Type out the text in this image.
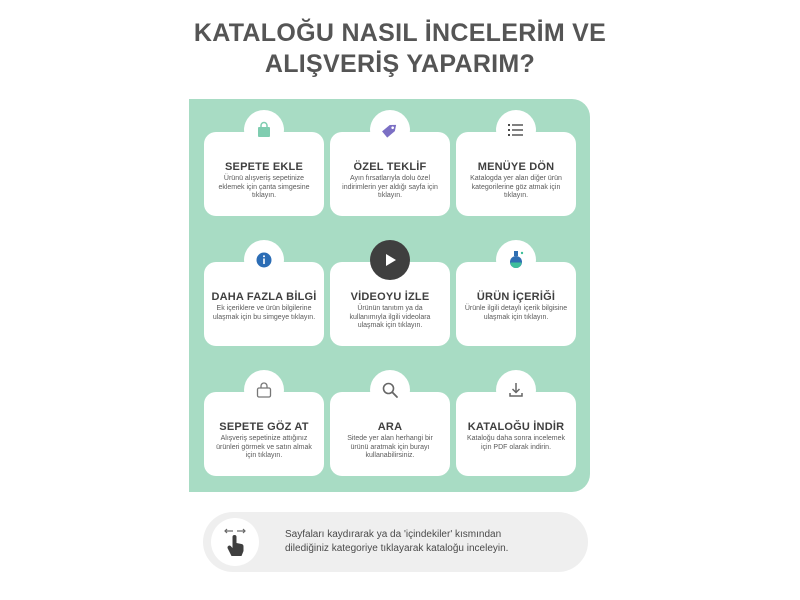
KATALOĞU NASIL İNCELERİM VE
ALIŞVERİŞ YAPARIM?
SEPETE EKLE
Ürünü alışveriş sepetinize eklemek için çanta simgesine tıklayın.
ÖZEL TEKLİF
Ayın fırsatlarıyla dolu özel indirimlerin yer aldığı sayfa için tıklayın.
MENÜYE DÖN
Katalogda yer alan diğer ürün kategorilerine göz atmak için tıklayın.
DAHA FAZLA BİLGİ
Ek içeriklere ve ürün bilgilerine ulaşmak için bu simgeye tıklayın.
VİDEOYU İZLE
Ürünün tanıtım ya da kullanımıyla ilgili videolara ulaşmak için tıklayın.
ÜRÜN İÇERİĞİ
Ürünle ilgili detaylı içerik bilgisine ulaşmak için tıklayın.
SEPETE GÖZ AT
Alışveriş sepetinize attığınız ürünleri görmek ve satın almak için tıklayın.
ARA
Sitede yer alan herhangi bir ürünü aratmak için burayı kullanabilirsiniz.
KATALOĞU İNDİR
Kataloğu daha sonra incelemek için PDF olarak indirin.
Sayfaları kaydırarak ya da 'içindekiler' kısmından
dilediğiniz kategoriye tıklayarak kataloğu inceleyin.
